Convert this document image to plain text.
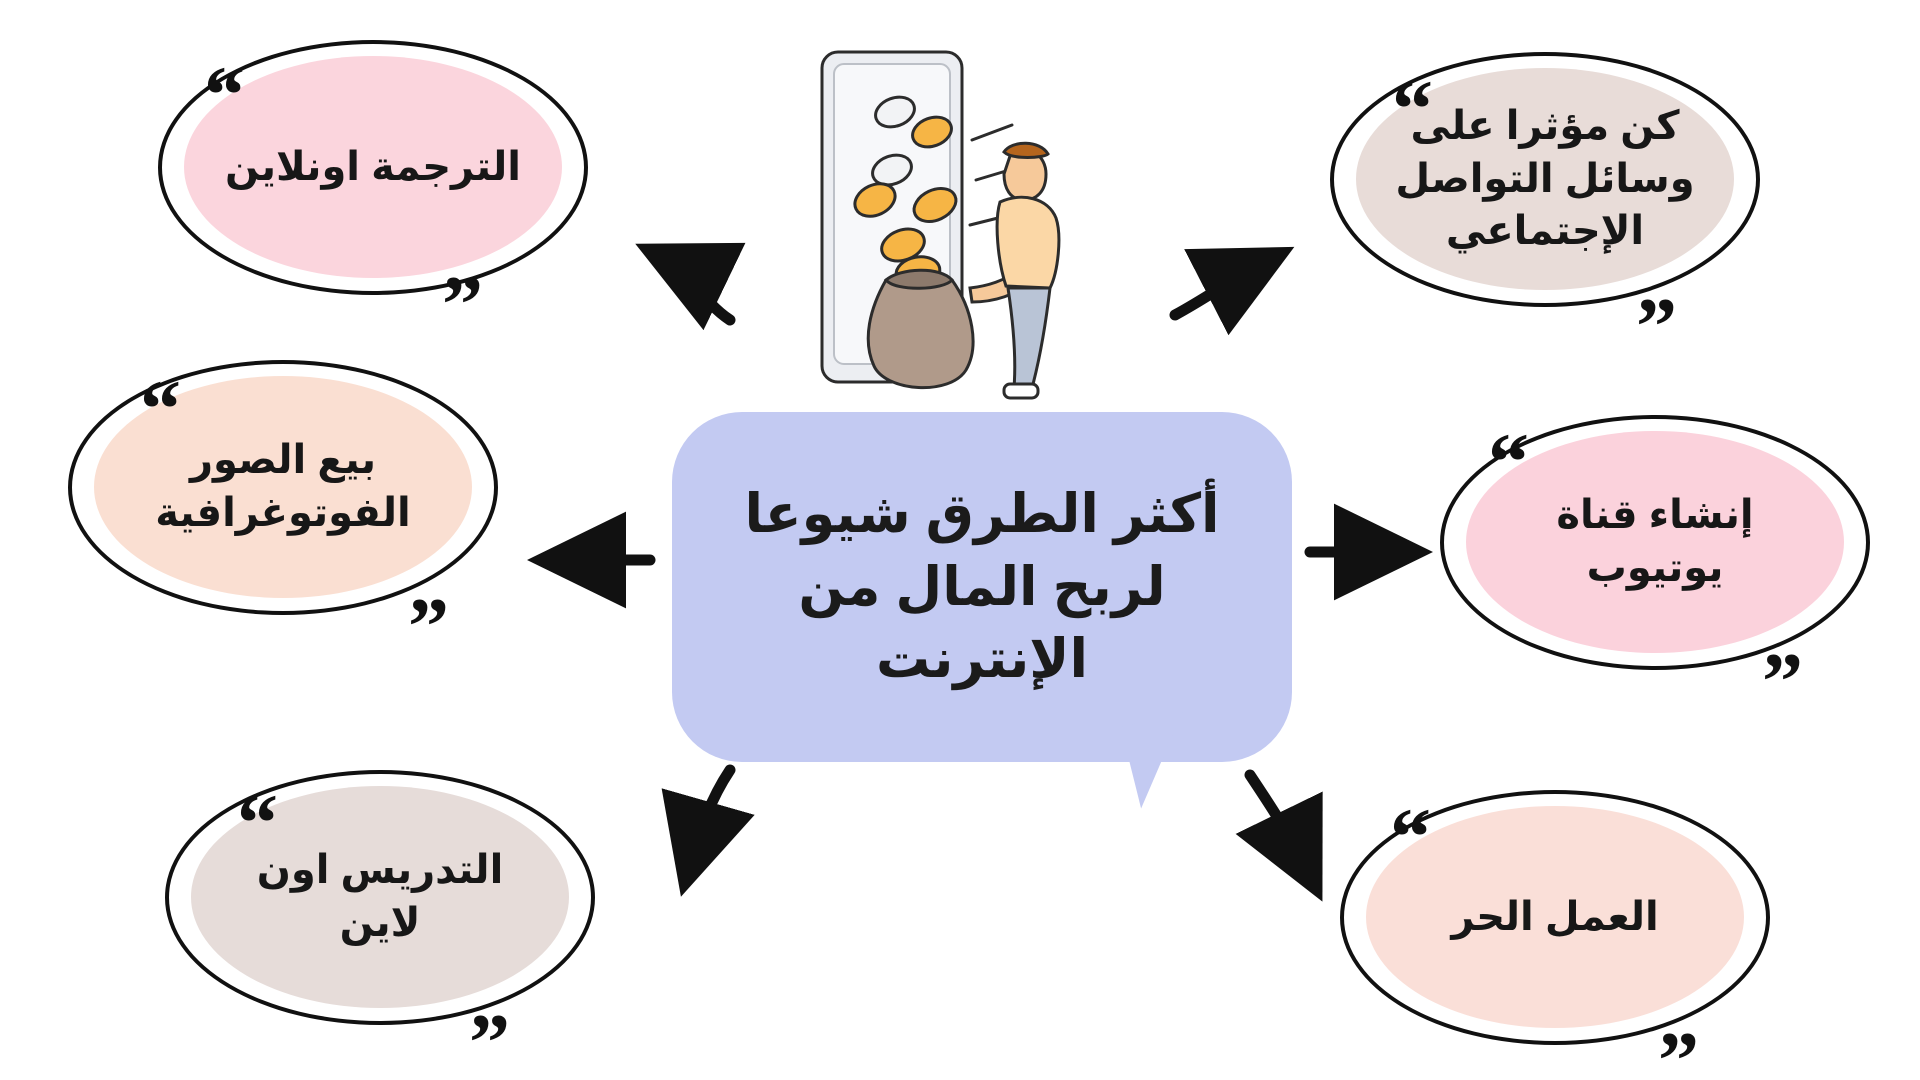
أكثر الطرق شيوعا لربح المال من الإنترنت
الترجمة اونلاين
“
”
بيع الصور الفوتوغرافية
“
”
التدريس اون لاين
“
”
كن مؤثرا على وسائل التواصل الإجتماعي
“
”
إنشاء قناة يوتيوب
“
”
العمل الحر
“
”
